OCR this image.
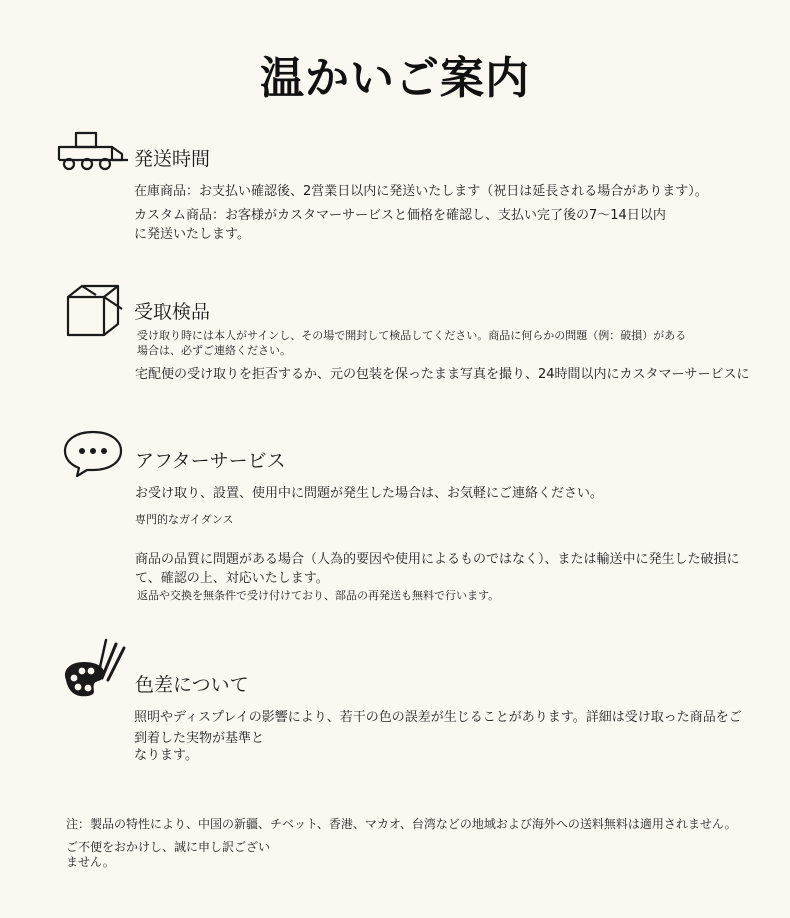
温かいご案内
発送時間
在庫商品：お支払い確認後、2営業日以内に発送いたします（祝日は延長される場合があります）。
カスタム商品：お客様がカスタマーサービスと価格を確認し、支払い完了後の7〜14日以内
に発送いたします。
受取検品
受け取り時には本人がサインし、その場で開封して検品してください。商品に何らかの問題（例：破損）がある
場合は、必ずご連絡ください。
宅配便の受け取りを拒否するか、元の包装を保ったまま写真を撮り、24時間以内にカスタマーサービスに
アフターサービス
お受け取り、設置、使用中に問題が発生した場合は、お気軽にご連絡ください。
専門的なガイダンス
商品の品質に問題がある場合（人為的要因や使用によるものではなく）、または輸送中に発生した破損に
て、確認の上、対応いたします。
返品や交換を無条件で受け付けており、部品の再発送も無料で行います。
色差について
照明やディスプレイの影響により、若干の色の誤差が生じることがあります。詳細は受け取った商品をご
到着した実物が基準と
なります。
注：製品の特性により、中国の新疆、チベット、香港、マカオ、台湾などの地域および海外への送料無料は適用されません。
ご不便をおかけし、誠に申し訳ござい
ません。
